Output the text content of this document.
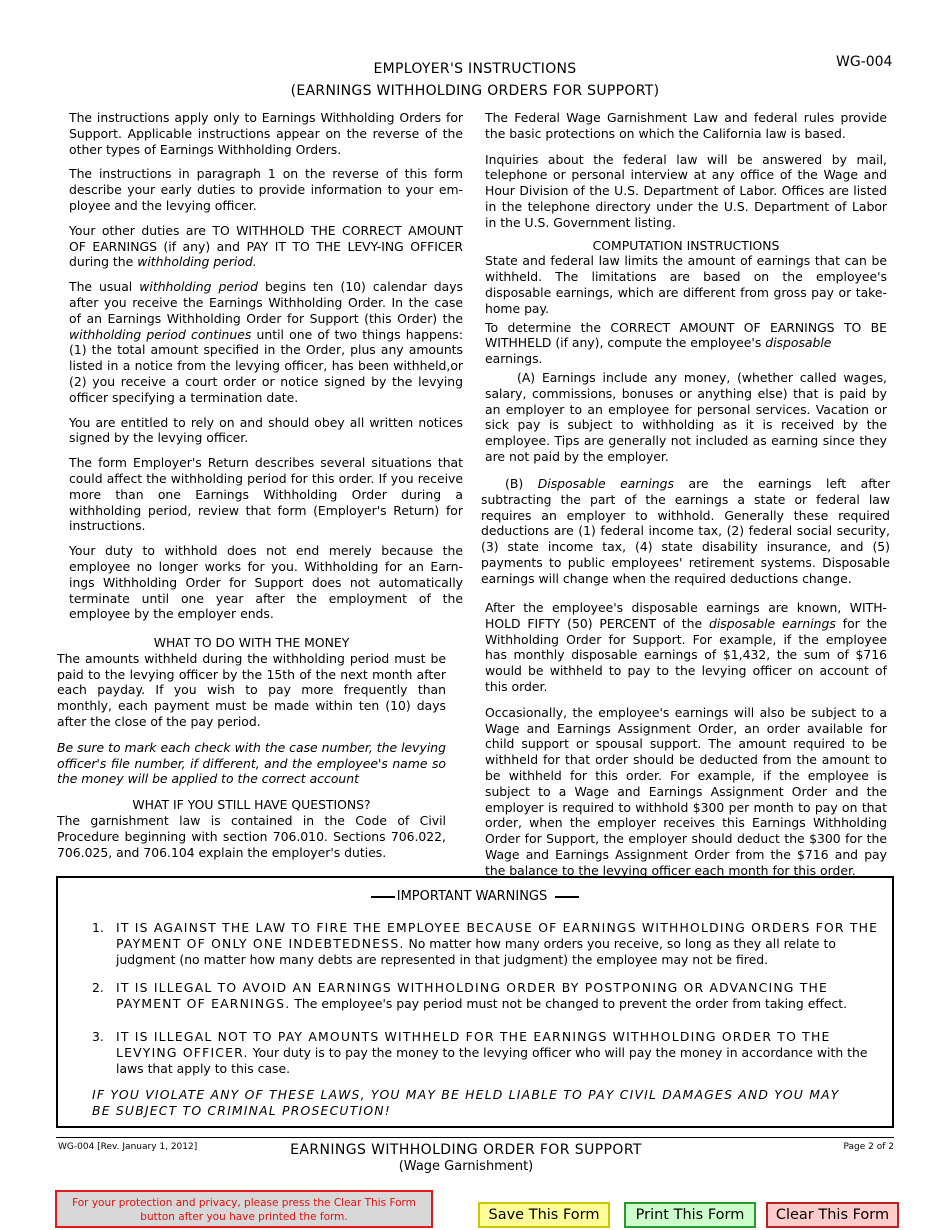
WG-004
EMPLOYER'S INSTRUCTIONS
(EARNINGS WITHHOLDING ORDERS FOR SUPPORT)

The instructions apply only to Earnings Withholding Orders for Support. Applicable instructions appear on the reverse of the other types of Earnings Withholding Orders.

The instructions in paragraph 1 on the reverse of this form describe your early duties to provide information to your em-ployee and the levying officer.

Your other duties are TO WITHHOLD THE CORRECT AMOUNT OF EARNINGS (if any) and PAY IT TO THE LEVY-ING OFFICER during the withholding period.

The usual withholding period begins ten (10) calendar days after you receive the Earnings Withholding Order. In the case of an Earnings Withholding Order for Support (this Order) the withholding period continues until one of two things happens: (1) the total amount specified in the Order, plus any amounts listed in a notice from the levying officer, has been withheld,or (2) you receive a court order or notice signed by the levying officer specifying a termination date.

You are entitled to rely on and should obey all written notices signed by the levying officer.

The form Employer's Return describes several situations that could affect the withholding period for this order. If you receive more than one Earnings Withholding Order during a withholding period, review that form (Employer's Return) for instructions.

Your duty to withhold does not end merely because the employee no longer works for you. Withholding for an Earn-ings Withholding Order for Support does not automatically terminate until one year after the employment of the employee by the employer ends.

WHAT TO DO WITH THE MONEY

The amounts withheld during the withholding period must be paid to the levying officer by the 15th of the next month after each payday. If you wish to pay more frequently than monthly, each payment must be made within ten (10) days after the close of the pay period.

Be sure to mark each check with the case number, the levying officer's file number, if different, and the employee's name so the money will be applied to the correct account

WHAT IF YOU STILL HAVE QUESTIONS?

The garnishment law is contained in the Code of Civil Procedure beginning with section 706.010. Sections 706.022, 706.025, and 706.104 explain the employer's duties.

The Federal Wage Garnishment Law and federal rules provide the basic protections on which the California law is based.

Inquiries about the federal law will be answered by mail, telephone or personal interview at any office of the Wage and Hour Division of the U.S. Department of Labor. Offices are listed in the telephone directory under the U.S. Department of Labor in the U.S. Government listing.

COMPUTATION INSTRUCTIONS

State and federal law limits the amount of earnings that can be withheld. The limitations are based on the employee's disposable earnings, which are different from gross pay or take-home pay.

To determine the CORRECT AMOUNT OF EARNINGS TO BE WITHHELD (if any), compute the employee's disposable
earnings.

(A) Earnings include any money, (whether called wages, salary, commissions, bonuses or anything else) that is paid by an employer to an employee for personal services. Vacation or sick pay is subject to withholding as it is received by the employee. Tips are generally not included as earning since they are not paid by the employer.

(B) Disposable earnings are the earnings left after subtracting the part of the earnings a state or federal law requires an employer to withhold. Generally these required deductions are (1) federal income tax, (2) federal social security, (3) state income tax, (4) state disability insurance, and (5) payments to public employees' retirement systems. Disposable earnings will change when the required deductions change.

After the employee's disposable earnings are known, WITH-HOLD FIFTY (50) PERCENT of the disposable earnings for the Withholding Order for Support. For example, if the employee has monthly disposable earnings of $1,432, the sum of $716 would be withheld to pay to the levying officer on account of this order.

Occasionally, the employee's earnings will also be subject to a Wage and Earnings Assignment Order, an order available for child support or spousal support. The amount required to be withheld for that order should be deducted from the amount to be withheld for this order. For example, if the employee is subject to a Wage and Earnings Assignment Order and the employer is required to withhold $300 per month to pay on that order, when the employer receives this Earnings Withholding Order for Support, the employer should deduct the $300 for the Wage and Earnings Assignment Order from the $716 and pay the balance to the levying officer each month for this order.

IMPORTANT WARNINGS
1. IT IS AGAINST THE LAW TO FIRE THE EMPLOYEE BECAUSE OF EARNINGS WITHHOLDING ORDERS FOR THE PAYMENT OF ONLY ONE INDEBTEDNESS. No matter how many orders you receive, so long as they all relate to judgment (no matter how many debts are represented in that judgment) the employee may not be fired.
2. IT IS ILLEGAL TO AVOID AN EARNINGS WITHHOLDING ORDER BY POSTPONING OR ADVANCING THE PAYMENT OF EARNINGS. The employee's pay period must not be changed to prevent the order from taking effect.
3. IT IS ILLEGAL NOT TO PAY AMOUNTS WITHHELD FOR THE EARNINGS WITHHOLDING ORDER TO THE LEVYING OFFICER. Your duty is to pay the money to the levying officer who will pay the money in accordance with the laws that apply to this case.
IF YOU VIOLATE ANY OF THESE LAWS, YOU MAY BE HELD LIABLE TO PAY CIVIL DAMAGES AND YOU MAY BE SUBJECT TO CRIMINAL PROSECUTION!
WG-004 [Rev. January 1, 2012]	Page 2 of 2
EARNINGS WITHHOLDING ORDER FOR SUPPORT
(Wage Garnishment)
For your protection and privacy, please press the Clear This Form button after you have printed the form.	Save This Form	Print This Form	Clear This Form
